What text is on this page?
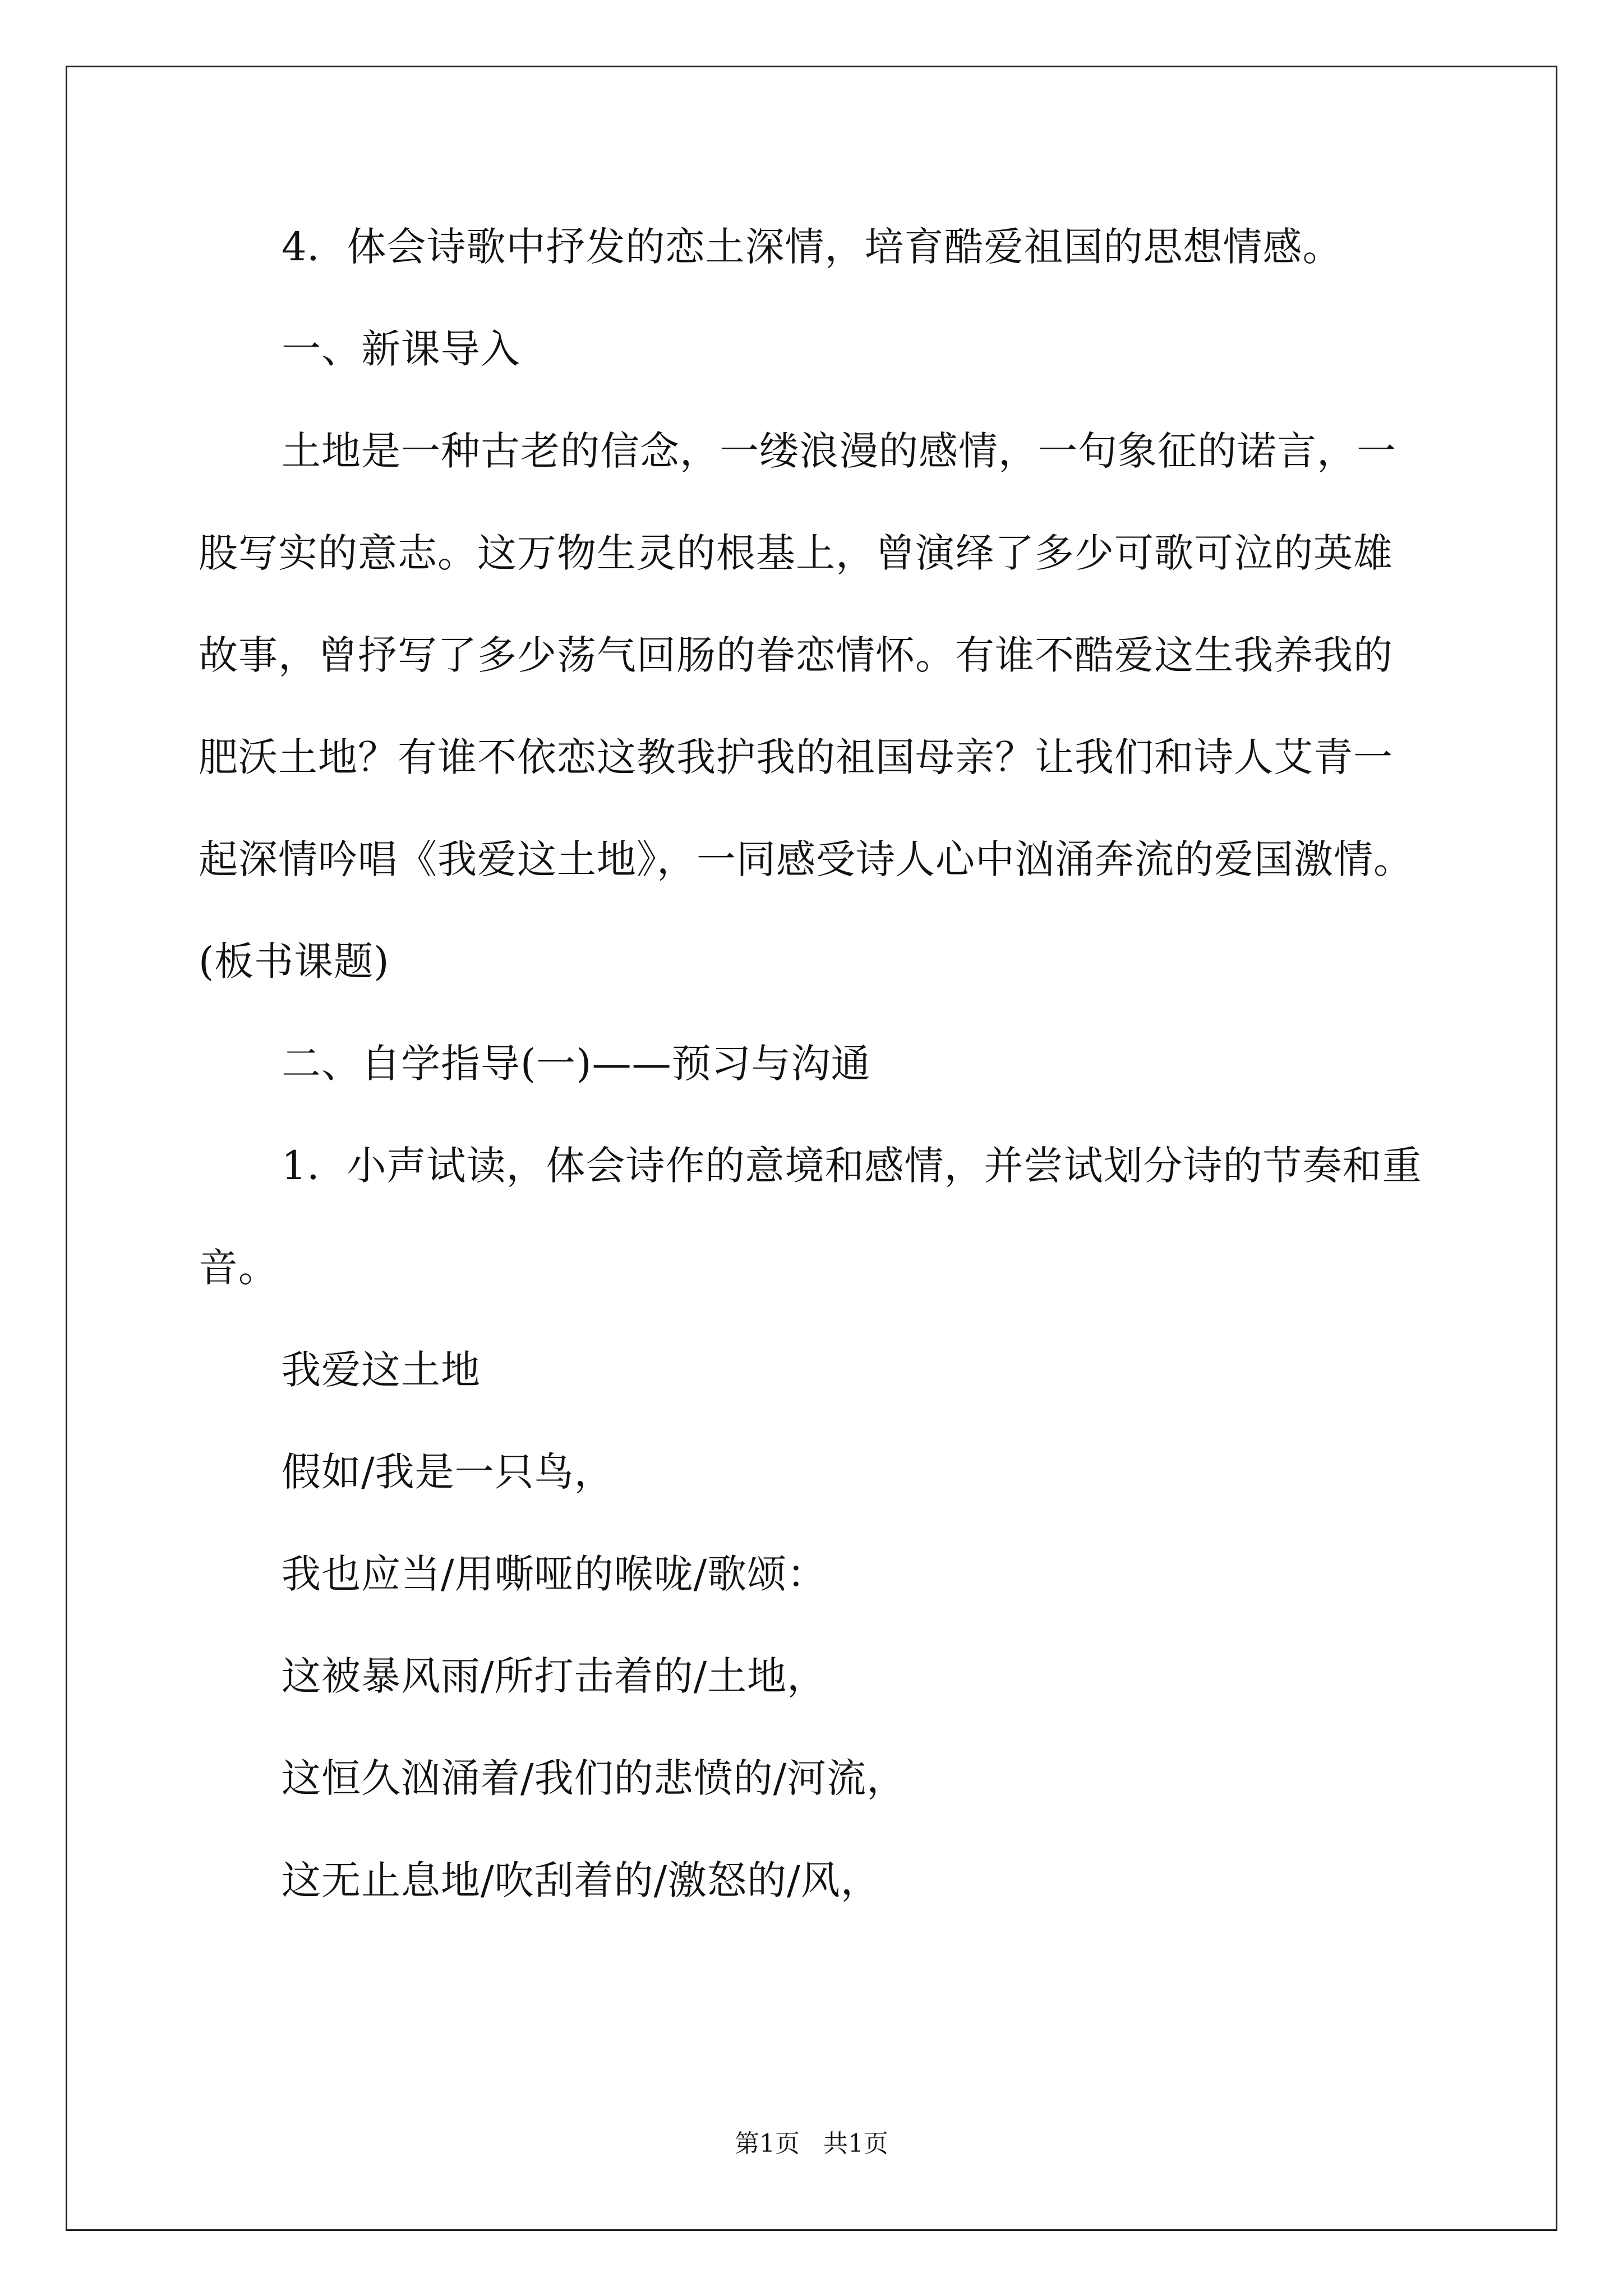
4．体会诗歌中抒发的恋土深情，培育酷爱祖国的思想情感。
一、新课导入
土地是一种古老的信念，一缕浪漫的感情，一句象征的诺言，一
股写实的意志。这万物生灵的根基上，曾演绎了多少可歌可泣的英雄
故事，曾抒写了多少荡气回肠的眷恋情怀。有谁不酷爱这生我养我的
肥沃土地？有谁不依恋这教我护我的祖国母亲？让我们和诗人艾青一
起深情吟唱《我爱这土地》，一同感受诗人心中汹涌奔流的爱国激情。
(板书课题)
二、自学指导(一)——预习与沟通
1．小声试读，体会诗作的意境和感情，并尝试划分诗的节奏和重
音。
我爱这土地
假如/我是一只鸟，
我也应当/用嘶哑的喉咙/歌颂：
这被暴风雨/所打击着的/土地，
这恒久汹涌着/我们的悲愤的/河流，
这无止息地/吹刮着的/激怒的/风，
第1页   共1页
